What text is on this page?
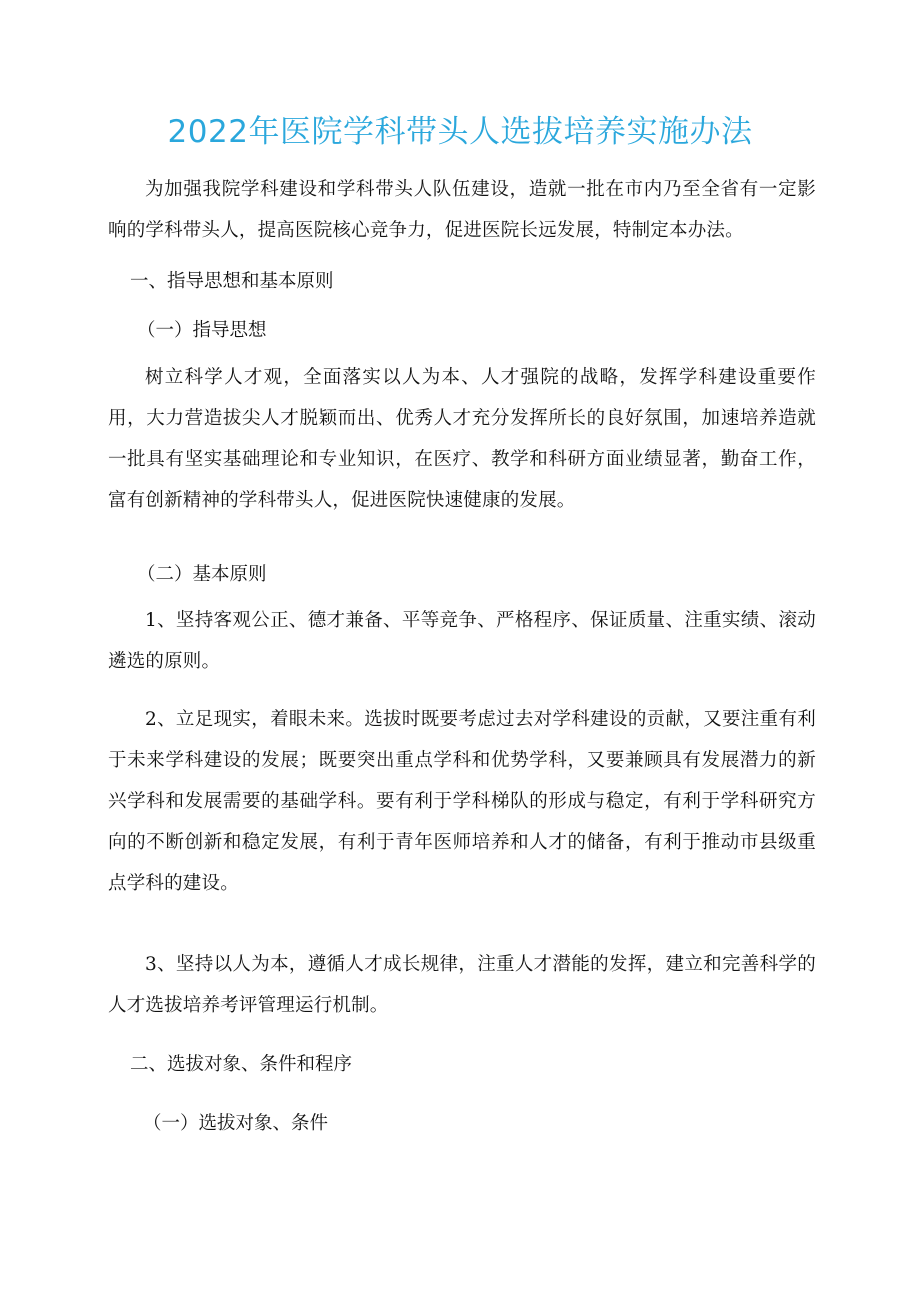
2022年医院学科带头人选拔培养实施办法

为加强我院学科建设和学科带头人队伍建设，造就一批在市内乃至全省有一定影响的学科带头人，提高医院核心竞争力，促进医院长远发展，特制定本办法。

一、指导思想和基本原则

（一）指导思想

树立科学人才观，全面落实以人为本、人才强院的战略，发挥学科建设重要作用，大力营造拔尖人才脱颖而出、优秀人才充分发挥所长的良好氛围，加速培养造就一批具有坚实基础理论和专业知识，在医疗、教学和科研方面业绩显著，勤奋工作，富有创新精神的学科带头人，促进医院快速健康的发展。

（二）基本原则

1、坚持客观公正、德才兼备、平等竞争、严格程序、保证质量、注重实绩、滚动遴选的原则。

2、立足现实，着眼未来。选拔时既要考虑过去对学科建设的贡献，又要注重有利于未来学科建设的发展；既要突出重点学科和优势学科，又要兼顾具有发展潜力的新兴学科和发展需要的基础学科。要有利于学科梯队的形成与稳定，有利于学科研究方向的不断创新和稳定发展，有利于青年医师培养和人才的储备，有利于推动市县级重点学科的建设。

3、坚持以人为本，遵循人才成长规律，注重人才潜能的发挥，建立和完善科学的人才选拔培养考评管理运行机制。

二、选拔对象、条件和程序

（一）选拔对象、条件
